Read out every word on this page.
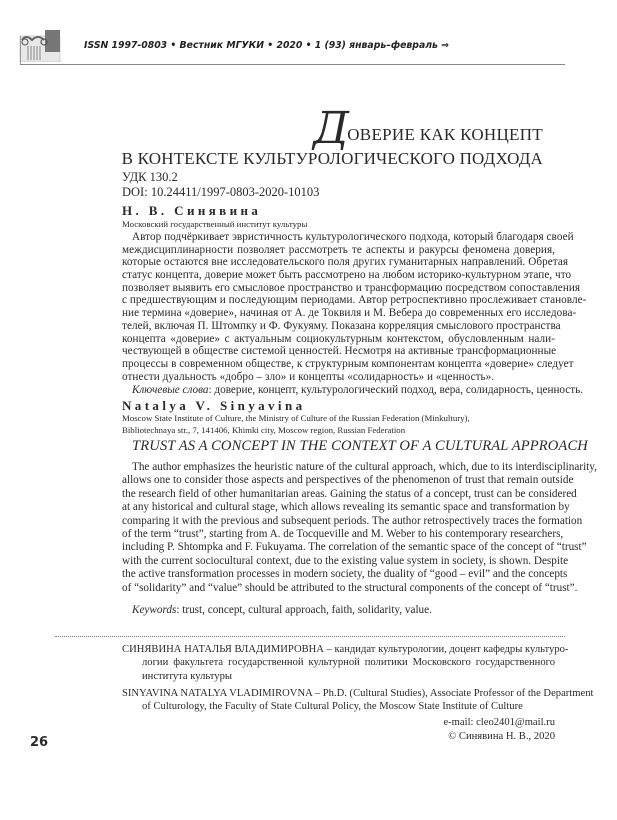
ISSN 1997-0803 • Вестник МГУКИ • 2020 • 1 (93) январь–февраль ⇒
ДОВЕРИЕ КАК КОНЦЕПТ
В КОНТЕКСТЕ КУЛЬТУРОЛОГИЧЕСКОГО ПОДХОДА
УДК 130.2
DOI: 10.24411/1997-0803-2020-10103
Н. В. Синявина
Московский государственный институт культуры
Автор подчёркивает эвристичность культурологического подхода, который благодаря своей
междисциплинарности позволяет рассмотреть те аспекты и ракурсы феномена доверия,
которые остаются вне исследовательского поля других гуманитарных направлений. Обретая
статус концепта, доверие может быть рассмотрено на любом историко-культурном этапе, что
позволяет выявить его смысловое пространство и трансформацию посредством сопоставления
с предшествующим и последующим периодами. Автор ретроспективно прослеживает становле-
ние термина «доверие», начиная от А. де Токвиля и М. Вебера до современных его исследова-
телей, включая П. Штомпку и Ф. Фукуяму. Показана корреляция смыслового пространства
концепта «доверие» с актуальным социокультурным контекстом, обусловленным нали-
чествующей в обществе системой ценностей. Несмотря на активные трансформационные
процессы в современном обществе, к структурным компонентам концепта «доверие» следует
отнести дуальность «добро – зло» и концепты «солидарность» и «ценность».
Ключевые слова: доверие, концепт, культурологический подход, вера, солидарность, ценность.
Natalya V. Sinyavina
Moscow State Institute of Culture, the Ministry of Culture of the Russian Federation (Minkultury),
Bibliotechnaya str., 7, 141406, Khimki city, Moscow region, Russian Federation
TRUST AS A CONCEPT IN THE CONTEXT OF A CULTURAL APPROACH
The author emphasizes the heuristic nature of the cultural approach, which, due to its interdisciplinarity,
allows one to consider those aspects and perspectives of the phenomenon of trust that remain outside
the research field of other humanitarian areas. Gaining the status of a concept, trust can be considered
at any historical and cultural stage, which allows revealing its semantic space and transformation by
comparing it with the previous and subsequent periods. The author retrospectively traces the formation
of the term “trust”, starting from A. de Tocqueville and M. Weber to his contemporary researchers,
including P. Shtompka and F. Fukuyama. The correlation of the semantic space of the concept of “trust”
with the current sociocultural context, due to the existing value system in society, is shown. Despite
the active transformation processes in modern society, the duality of “good – evil” and the concepts
of “solidarity” and “value” should be attributed to the structural components of the concept of “trust”.
Keywords: trust, concept, cultural approach, faith, solidarity, value.
СИНЯВИНА НАТАЛЬЯ ВЛАДИМИРОВНА – кандидат культурологии, доцент кафедры культуро-
логии факультета государственной культурной политики Московского государственного
института культуры
SINYAVINA NATALYA VLADIMIROVNA – Ph.D. (Cultural Studies), Associate Professor of the Department
of Culturology, the Faculty of State Cultural Policy, the Moscow State Institute of Culture
e-mail: cleo2401@mail.ru
© Синявина Н. В., 2020
26
